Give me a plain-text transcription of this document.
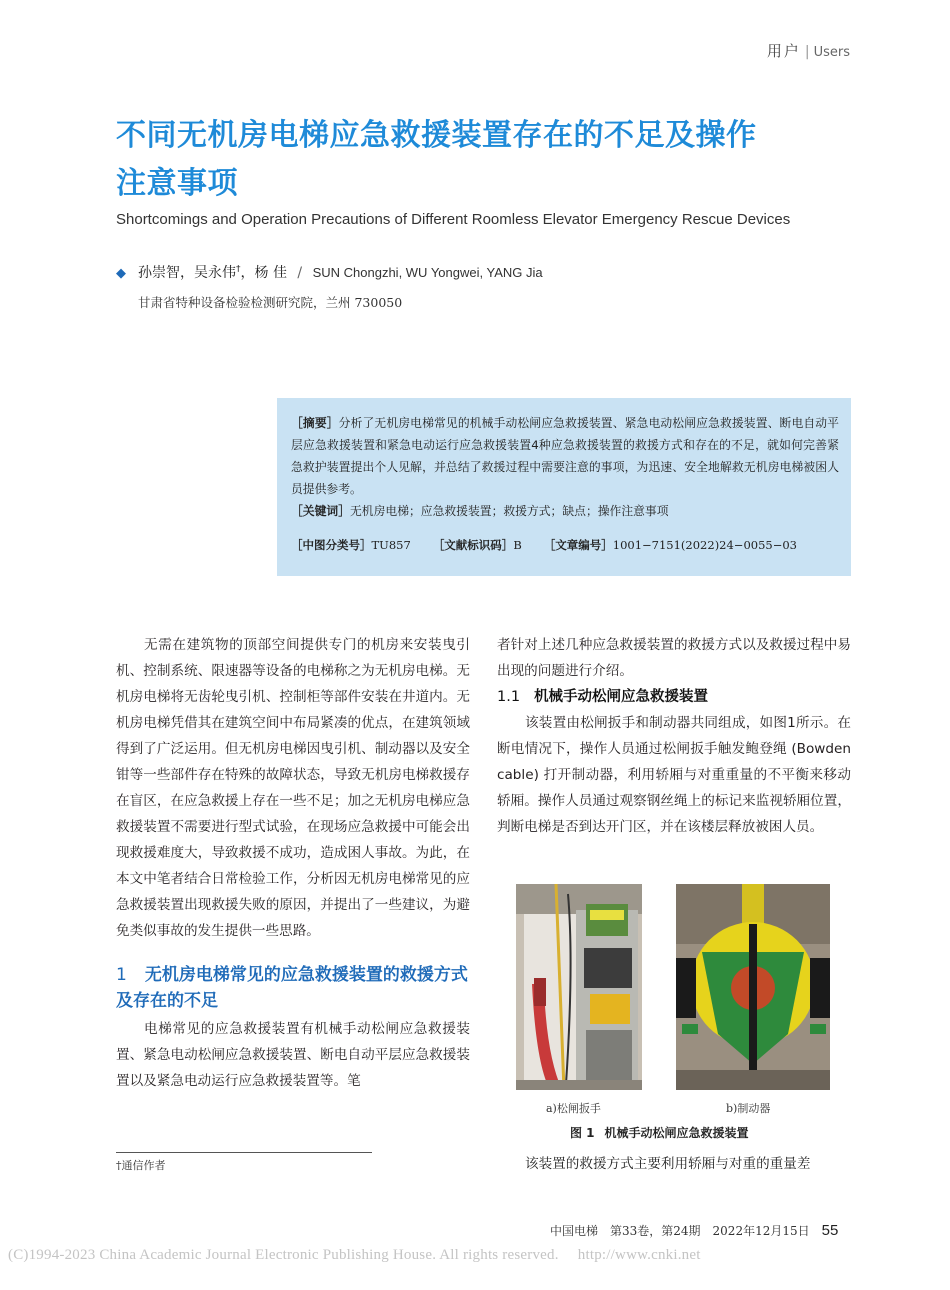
用户 | Users
不同无机房电梯应急救援装置存在的不足及操作
注意事项
Shortcomings and Operation Precautions of Different Roomless Elevator Emergency Rescue Devices
◆ 孙崇智，吴永伟†，杨 佳 / SUN Chongzhi, WU Yongwei, YANG Jia
甘肃省特种设备检验检测研究院，兰州 730050

［摘要］分析了无机房电梯常见的机械手动松闸应急救援装置、紧急电动松闸应急救援装置、断电自动平层应急救援装置和紧急电动运行应急救援装置4种应急救援装置的救援方式和存在的不足，就如何完善紧急救护装置提出个人见解，并总结了救援过程中需要注意的事项，为迅速、安全地解救无机房电梯被困人员提供参考。

［关键词］无机房电梯；应急救援装置；救援方式；缺点；操作注意事项

［中图分类号］TU857 ［文献标识码］B ［文章编号］1001−7151(2022)24−0055−03

无需在建筑物的顶部空间提供专门的机房来安装曳引机、控制系统、限速器等设备的电梯称之为无机房电梯。无机房电梯将无齿轮曳引机、控制柜等部件安装在井道内。无机房电梯凭借其在建筑空间中布局紧凑的优点，在建筑领域得到了广泛运用。但无机房电梯因曳引机、制动器以及安全钳等一些部件存在特殊的故障状态，导致无机房电梯救援存在盲区，在应急救援上存在一些不足；加之无机房电梯应急救援装置不需要进行型式试验，在现场应急救援中可能会出现救援难度大，导致救援不成功，造成困人事故。为此，在本文中笔者结合日常检验工作，分析因无机房电梯常见的应急救援装置出现救援失败的原因，并提出了一些建议，为避免类似事故的发生提供一些思路。

1 无机房电梯常见的应急救援装置的救援方式及存在的不足

电梯常见的应急救援装置有机械手动松闸应急救援装置、紧急电动松闸应急救援装置、断电自动平层应急救援装置以及紧急电动运行应急救援装置等。笔

者针对上述几种应急救援装置的救援方式以及救援过程中易出现的问题进行介绍。

1.1 机械手动松闸应急救援装置

该装置由松闸扳手和制动器共同组成，如图1所示。在断电情况下，操作人员通过松闸扳手触发鲍登绳 (Bowden cable) 打开制动器，利用轿厢与对重重量的不平衡来移动轿厢。操作人员通过观察钢丝绳上的标记来监视轿厢位置，判断电梯是否到达开门区，并在该楼层释放被困人员。

a)松闸扳手	b)制动器
图 1 机械手动松闸应急救援装置
该装置的救援方式主要利用轿厢与对重的重量差
†通信作者
中国电梯　第33卷，第24期　2022年12月15日 55
(C)1994-2023 China Academic Journal Electronic Publishing House. All rights reserved.　 http://www.cnki.net
